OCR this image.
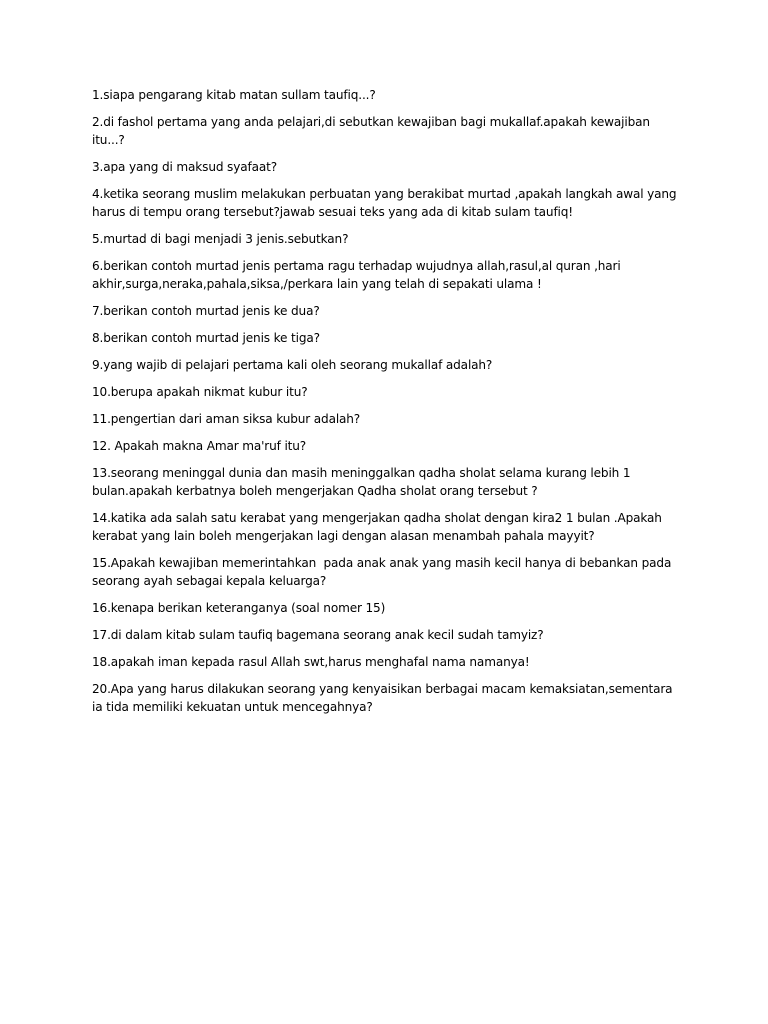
1.siapa pengarang kitab matan sullam taufiq...?
2.di fashol pertama yang anda pelajari,di sebutkan kewajiban bagi mukallaf.apakah kewajiban itu...?
3.apa yang di maksud syafaat?
4.ketika seorang muslim melakukan perbuatan yang berakibat murtad ,apakah langkah awal yang harus di tempu orang tersebut?jawab sesuai teks yang ada di kitab sulam taufiq!
5.murtad di bagi menjadi 3 jenis.sebutkan?
6.berikan contoh murtad jenis pertama ragu terhadap wujudnya allah,rasul,al quran ,hari akhir,surga,neraka,pahala,siksa,/perkara lain yang telah di sepakati ulama !
7.berikan contoh murtad jenis ke dua?
8.berikan contoh murtad jenis ke tiga?
9.yang wajib di pelajari pertama kali oleh seorang mukallaf adalah?
10.berupa apakah nikmat kubur itu?
11.pengertian dari aman siksa kubur adalah?
12. Apakah makna Amar ma'ruf itu?
13.seorang meninggal dunia dan masih meninggalkan qadha sholat selama kurang lebih 1 bulan.apakah kerbatnya boleh mengerjakan Qadha sholat orang tersebut ?
14.katika ada salah satu kerabat yang mengerjakan qadha sholat dengan kira2 1 bulan .Apakah kerabat yang lain boleh mengerjakan lagi dengan alasan menambah pahala mayyit?
15.Apakah kewajiban memerintahkan  pada anak anak yang masih kecil hanya di bebankan pada seorang ayah sebagai kepala keluarga?
16.kenapa berikan keteranganya (soal nomer 15)
17.di dalam kitab sulam taufiq bagemana seorang anak kecil sudah tamyiz?
18.apakah iman kepada rasul Allah swt,harus menghafal nama namanya!
20.Apa yang harus dilakukan seorang yang kenyaisikan berbagai macam kemaksiatan,sementara ia tida memiliki kekuatan untuk mencegahnya?
